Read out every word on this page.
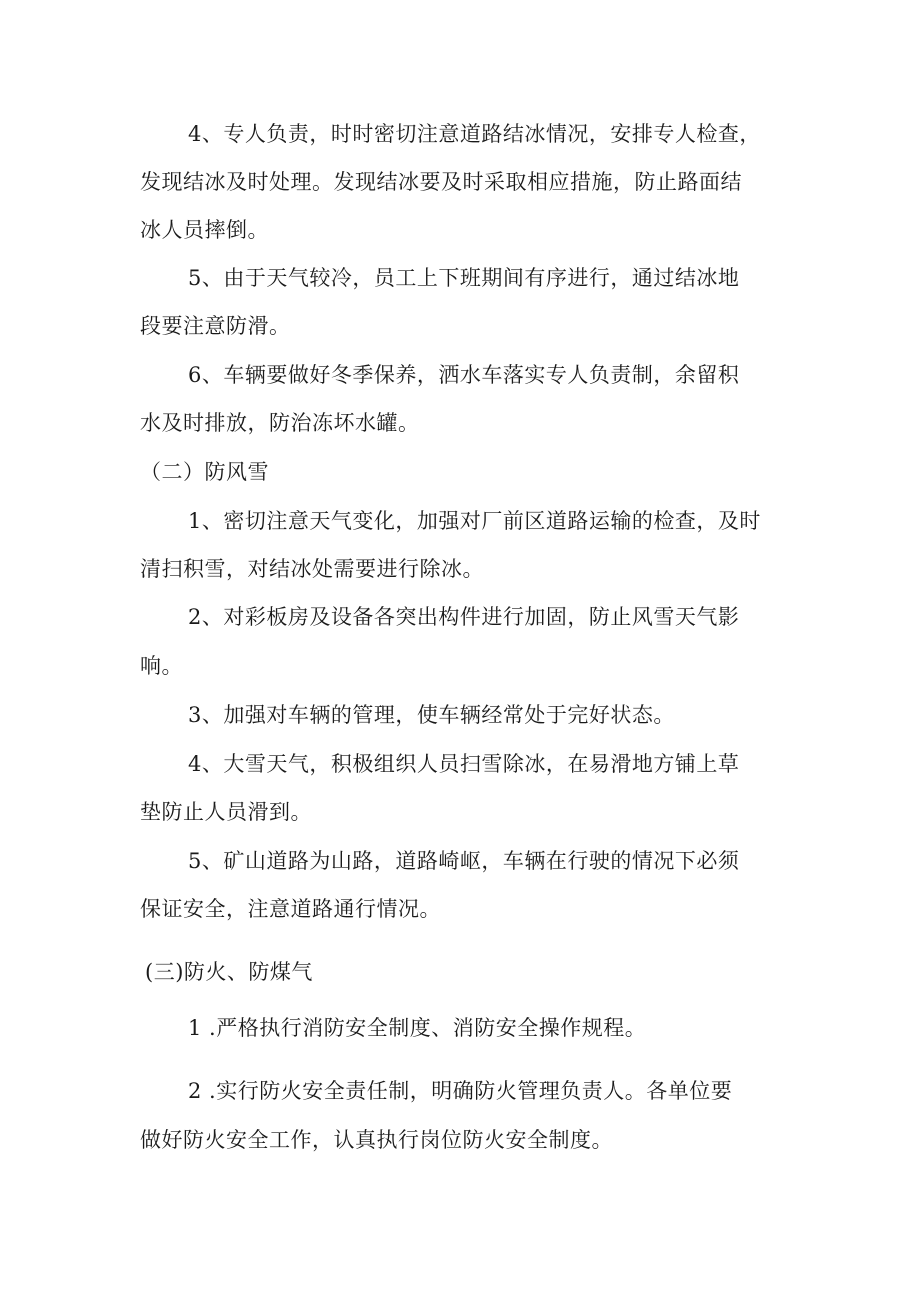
4、专人负责，时时密切注意道路结冰情况，安排专人检查，
发现结冰及时处理。发现结冰要及时采取相应措施，防止路面结
冰人员摔倒。
5、由于天气较冷，员工上下班期间有序进行，通过结冰地
段要注意防滑。
6、车辆要做好冬季保养，洒水车落实专人负责制，余留积
水及时排放，防治冻坏水罐。
（二）防风雪
1、密切注意天气变化，加强对厂前区道路运输的检查，及时
清扫积雪，对结冰处需要进行除冰。
2、对彩板房及设备各突出构件进行加固，防止风雪天气影
响。
3、加强对车辆的管理，使车辆经常处于完好状态。
4、大雪天气，积极组织人员扫雪除冰，在易滑地方铺上草
垫防止人员滑到。
5、矿山道路为山路，道路崎岖，车辆在行驶的情况下必须
保证安全，注意道路通行情况。
(三)防火、防煤气
1 .严格执行消防安全制度、消防安全操作规程。
2 .实行防火安全责任制，明确防火管理负责人。各单位要
做好防火安全工作，认真执行岗位防火安全制度。
